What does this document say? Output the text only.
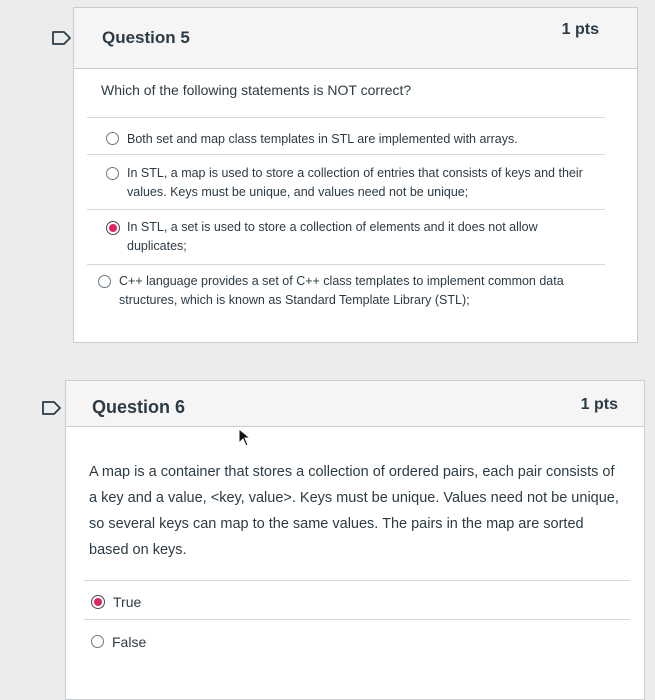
Question 5	1 pts
Which of the following statements is NOT correct?
Both set and map class templates in STL are implemented with arrays.
In STL, a map is used to store a collection of entries that consists of keys and their values. Keys must be unique, and values need not be unique;
In STL, a set is used to store a collection of elements and it does not allow duplicates;
C++ language provides a set of C++ class templates to implement common data structures, which is known as Standard Template Library (STL);
Question 6	1 pts
A map is a container that stores a collection of ordered pairs, each pair consists of a key and a value, <key, value>. Keys must be unique. Values need not be unique, so several keys can map to the same values. The pairs in the map are sorted based on keys.
True
False
